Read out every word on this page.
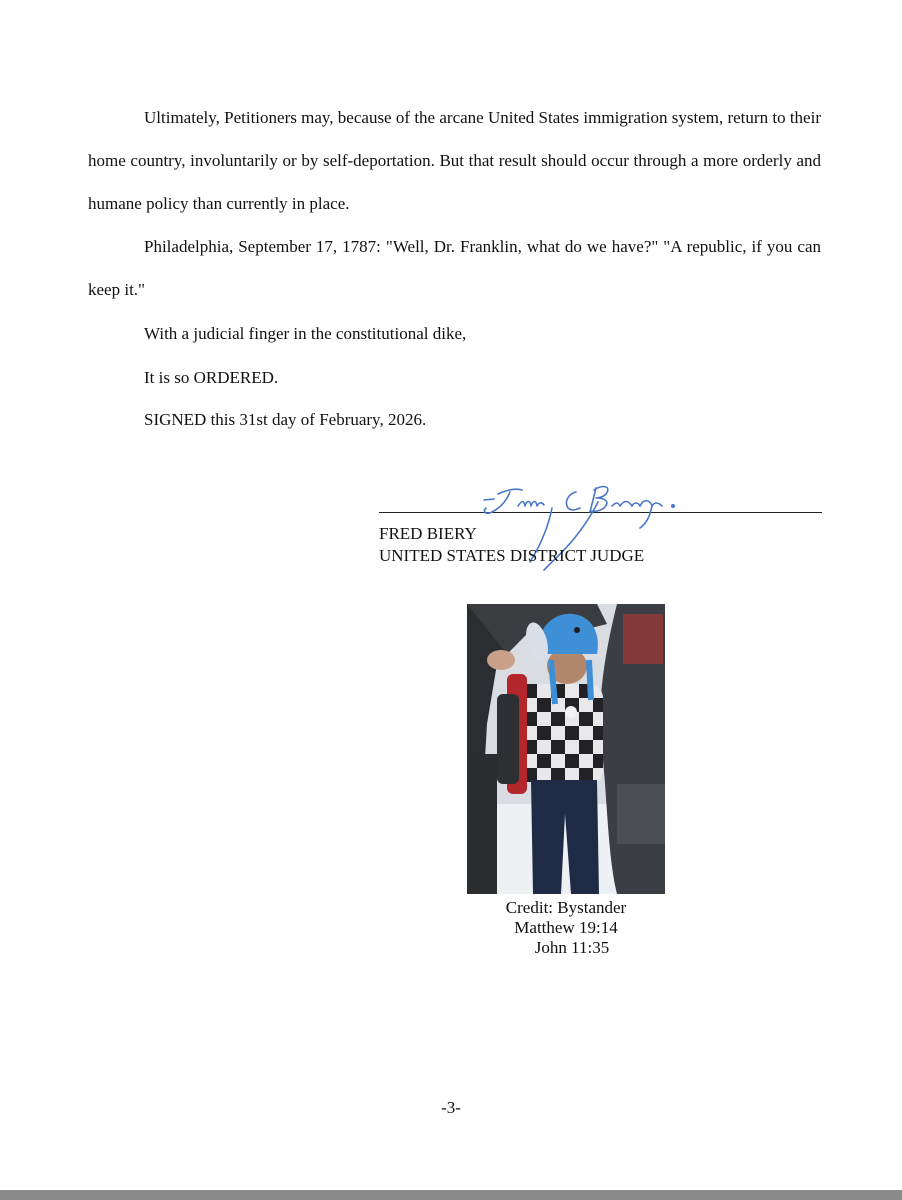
Ultimately, Petitioners may, because of the arcane United States immigration system, return to their home country, involuntarily or by self-deportation. But that result should occur through a more orderly and humane policy than currently in place.

Philadelphia, September 17, 1787: "Well, Dr. Franklin, what do we have?" "A republic, if you can keep it."

With a judicial finger in the constitutional dike,

It is so ORDERED.

SIGNED this 31st day of February, 2026.

FRED BIERY
UNITED STATES DISTRICT JUDGE
Credit: Bystander
Matthew 19:14
John 11:35
-3-
